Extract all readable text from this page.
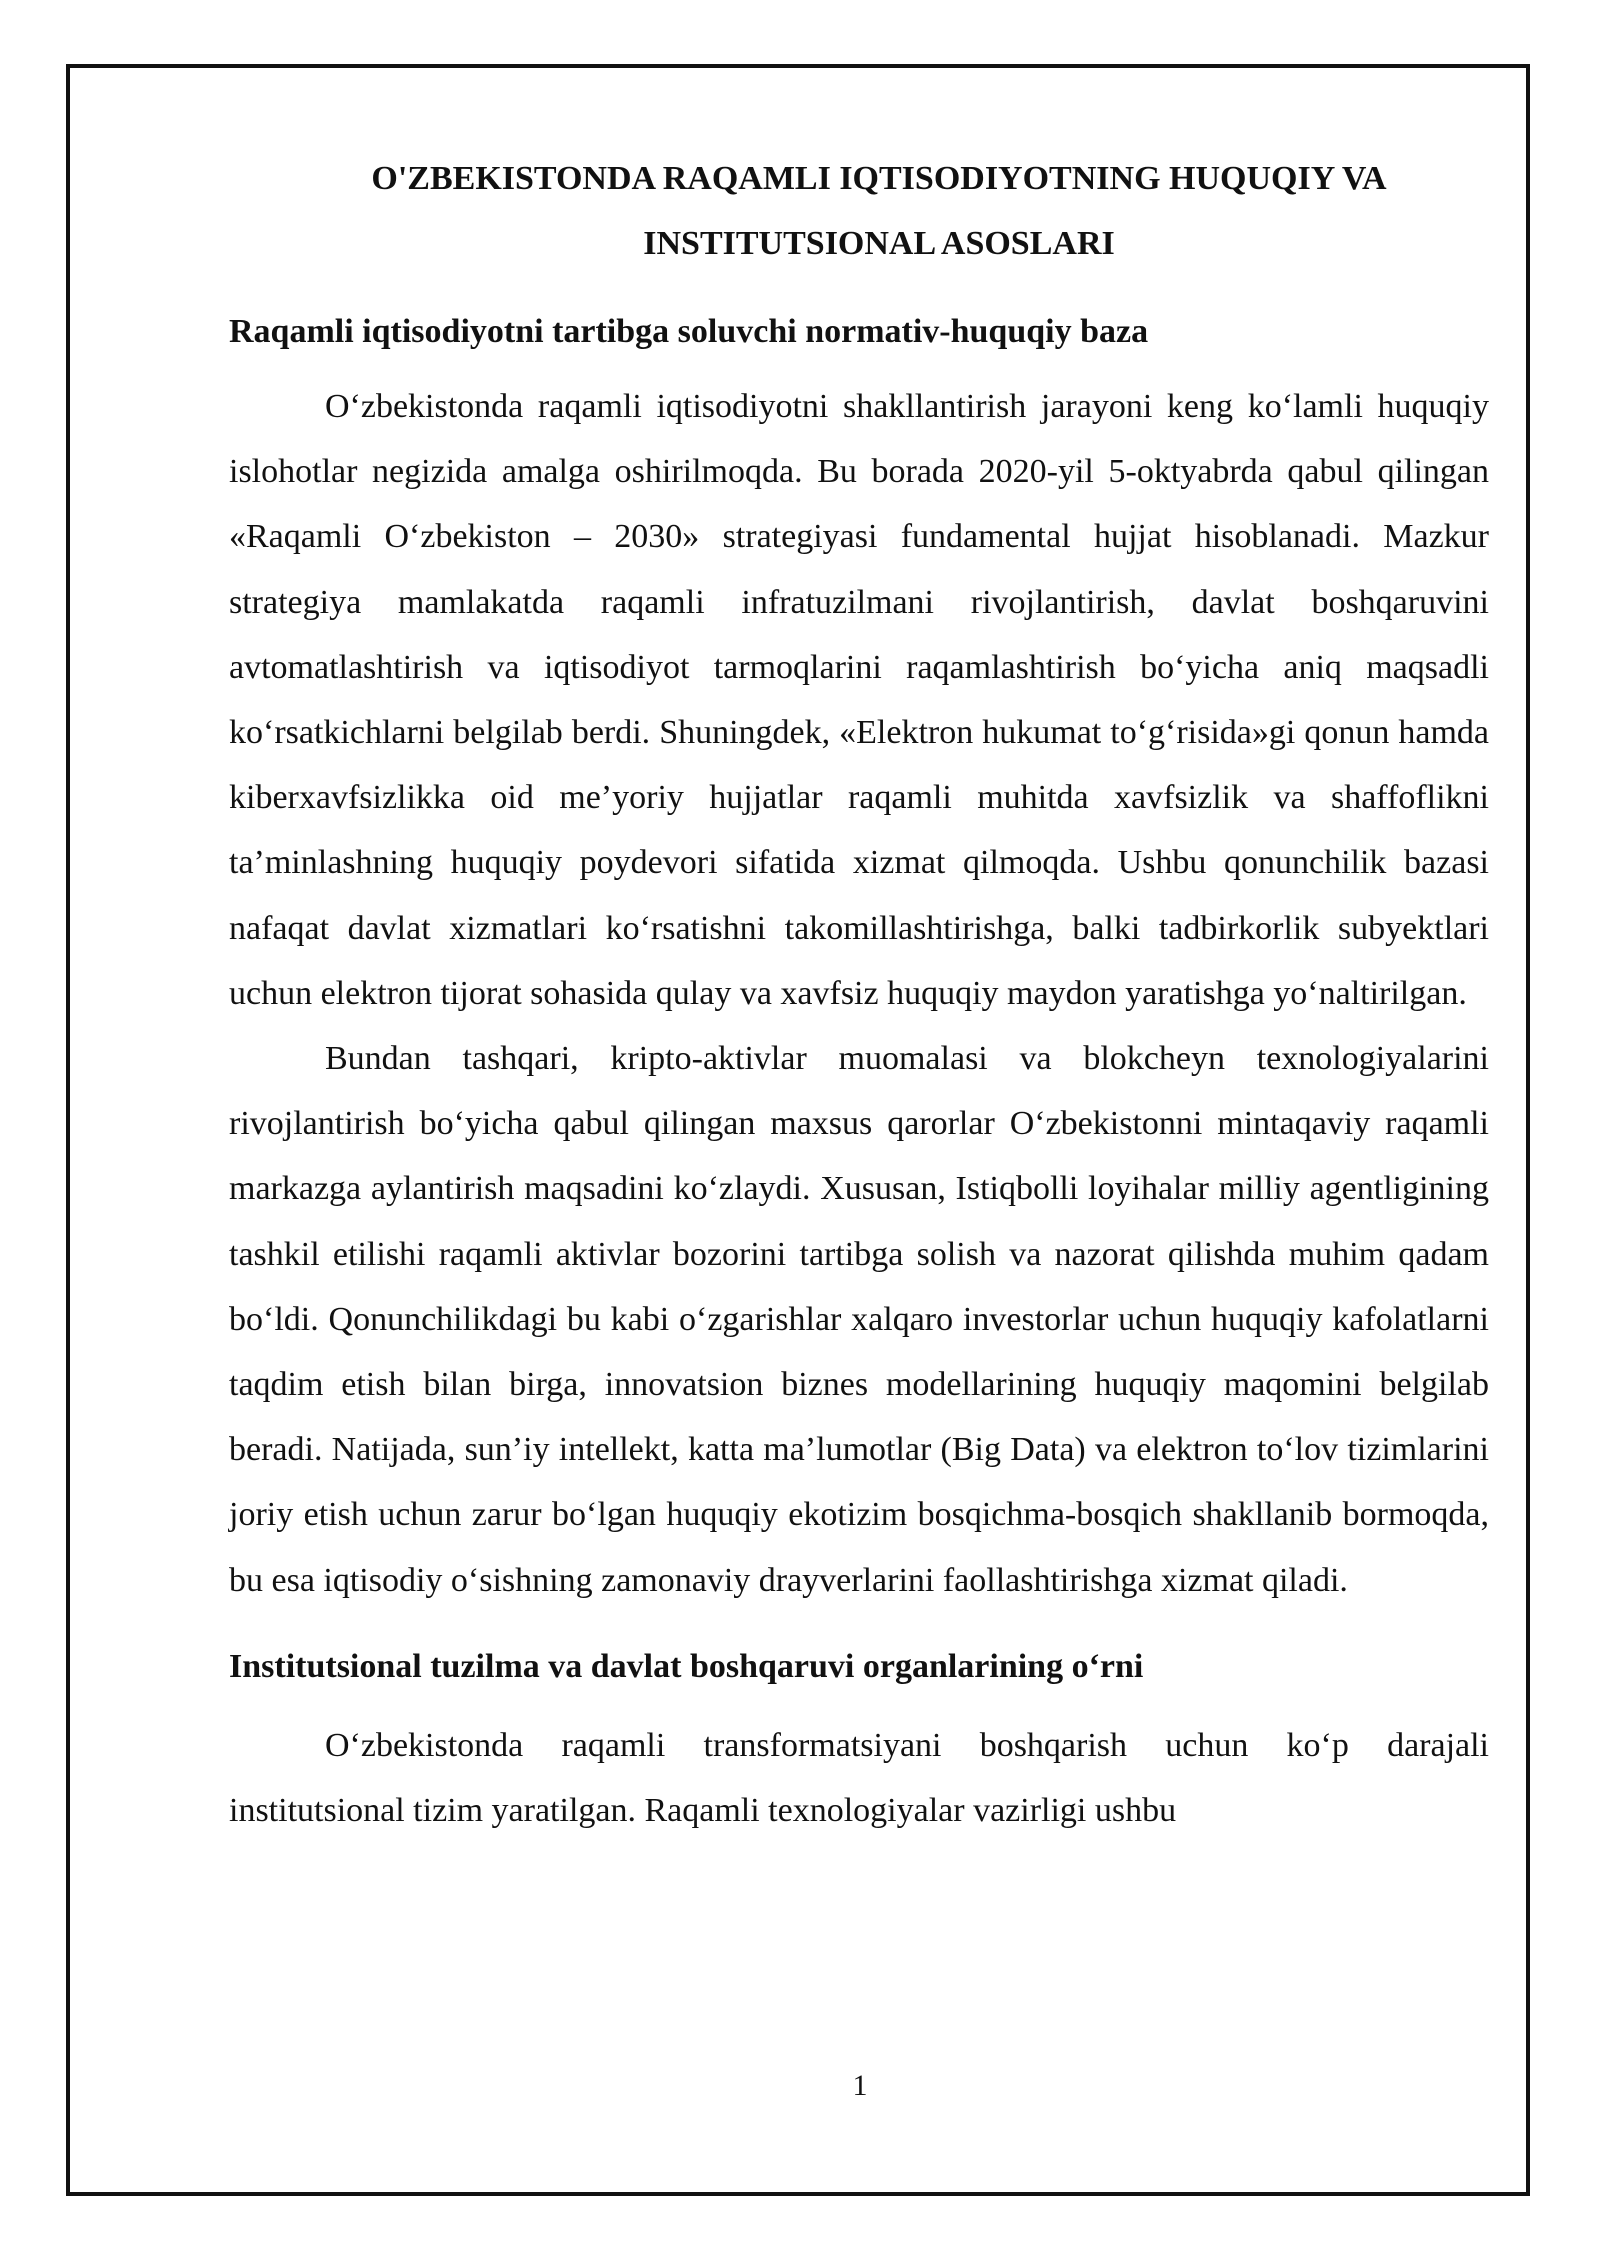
O'ZBEKISTONDA RAQAMLI IQTISODIYOTNING HUQUQIY VA
INSTITUTSIONAL ASOSLARI
Raqamli iqtisodiyotni tartibga soluvchi normativ-huquqiy baza

O‘zbekistonda raqamli iqtisodiyotni shakllantirish jarayoni keng ko‘lamli huquqiy islohotlar negizida amalga oshirilmoqda. Bu borada 2020-yil 5-oktyabrda qabul qilingan «Raqamli O‘zbekiston – 2030» strategiyasi fundamental hujjat hisoblanadi. Mazkur strategiya mamlakatda raqamli infratuzilmani rivojlantirish, davlat boshqaruvini avtomatlashtirish va iqtisodiyot tarmoqlarini raqamlashtirish bo‘yicha aniq maqsadli ko‘rsatkichlarni belgilab berdi. Shuningdek, «Elektron hukumat to‘g‘risida»gi qonun hamda kiberxavfsizlikka oid me’yoriy hujjatlar raqamli muhitda xavfsizlik va shaffoflikni ta’minlashning huquqiy poydevori sifatida xizmat qilmoqda. Ushbu qonunchilik bazasi nafaqat davlat xizmatlari ko‘rsatishni takomillashtirishga, balki tadbirkorlik subyektlari uchun elektron tijorat sohasida qulay va xavfsiz huquqiy maydon yaratishga yo‘naltirilgan.

Bundan tashqari, kripto-aktivlar muomalasi va blokcheyn texnologiyalarini rivojlantirish bo‘yicha qabul qilingan maxsus qarorlar O‘zbekistonni mintaqaviy raqamli markazga aylantirish maqsadini ko‘zlaydi. Xususan, Istiqbolli loyihalar milliy agentligining tashkil etilishi raqamli aktivlar bozorini tartibga solish va nazorat qilishda muhim qadam bo‘ldi. Qonunchilikdagi bu kabi o‘zgarishlar xalqaro investorlar uchun huquqiy kafolatlarni taqdim etish bilan birga, innovatsion biznes modellarining huquqiy maqomini belgilab beradi. Natijada, sun’iy intellekt, katta ma’lumotlar (Big Data) va elektron to‘lov tizimlarini joriy etish uchun zarur bo‘lgan huquqiy ekotizim bosqichma-bosqich shakllanib bormoqda, bu esa iqtisodiy o‘sishning zamonaviy drayverlarini faollashtirishga xizmat qiladi.

Institutsional tuzilma va davlat boshqaruvi organlarining o‘rni

O‘zbekistonda raqamli transformatsiyani boshqarish uchun ko‘p darajali institutsional tizim yaratilgan. Raqamli texnologiyalar vazirligi ushbu

1
